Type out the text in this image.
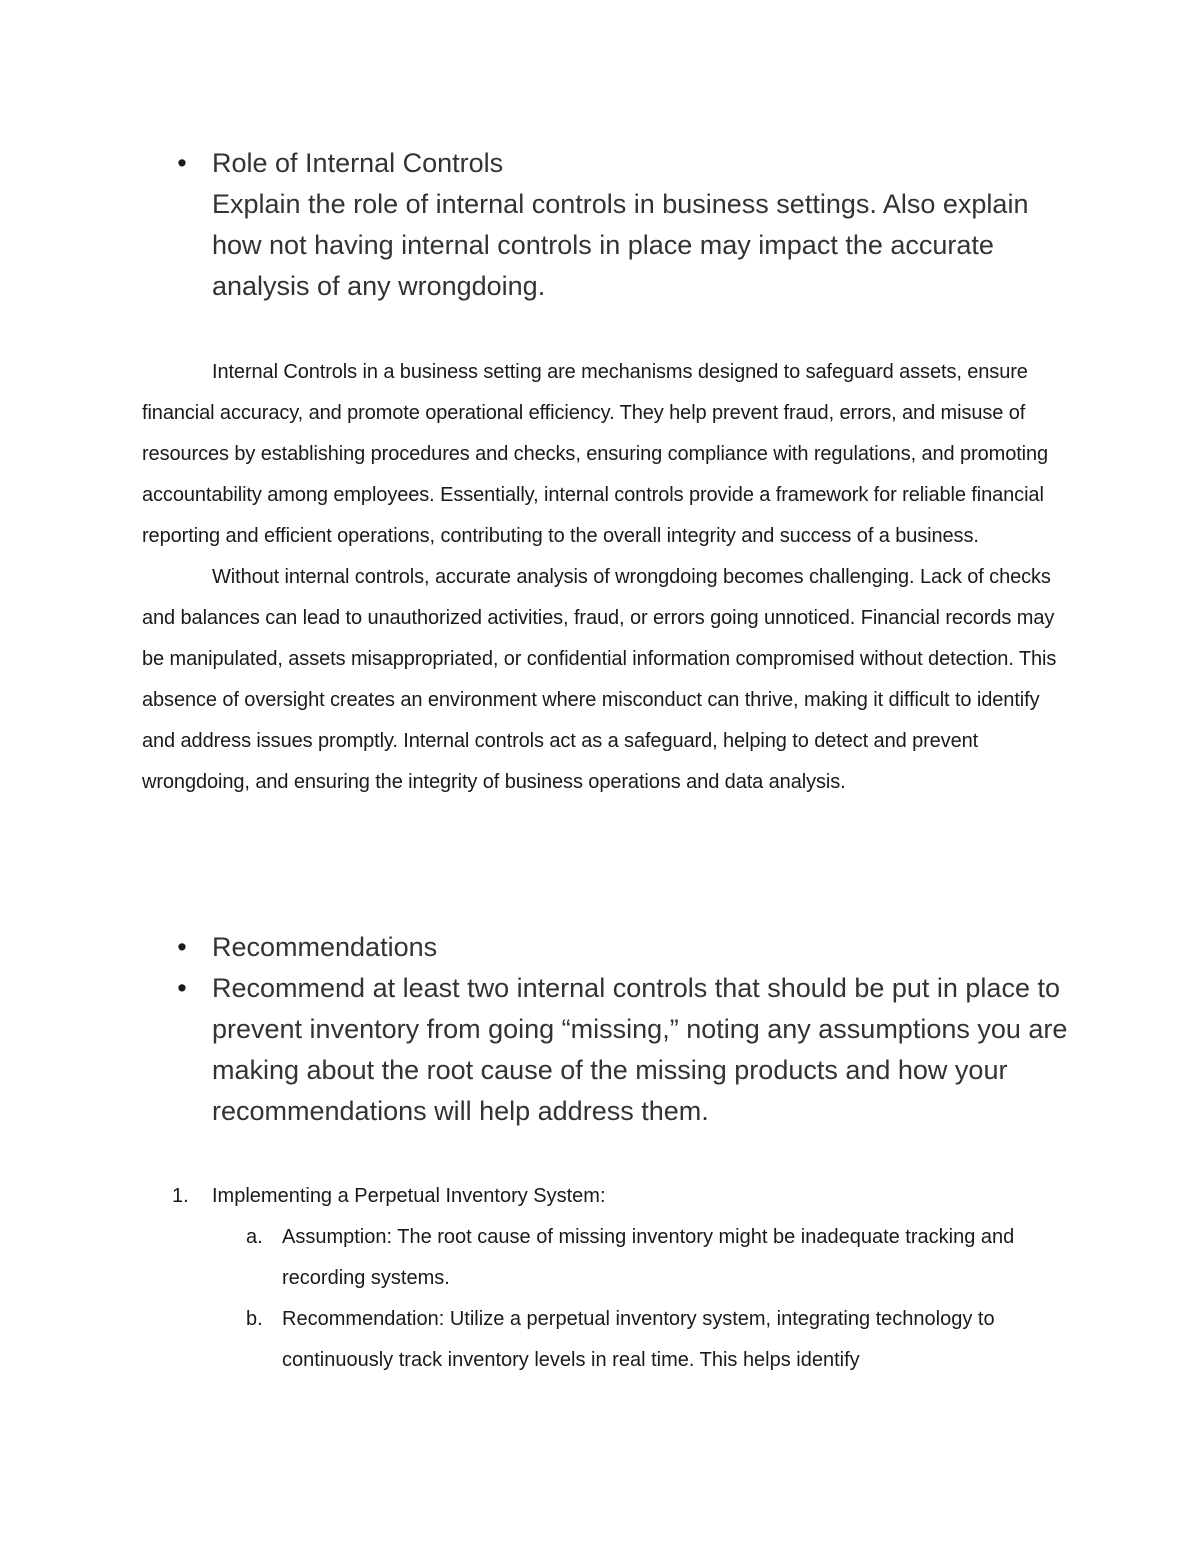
• Role of Internal Controls
Explain the role of internal controls in business settings. Also explain how not having internal controls in place may impact the accurate analysis of any wrongdoing.
Internal Controls in a business setting are mechanisms designed to safeguard assets, ensure financial accuracy, and promote operational efficiency. They help prevent fraud, errors, and misuse of resources by establishing procedures and checks, ensuring compliance with regulations, and promoting accountability among employees. Essentially, internal controls provide a framework for reliable financial reporting and efficient operations, contributing to the overall integrity and success of a business.
Without internal controls, accurate analysis of wrongdoing becomes challenging. Lack of checks and balances can lead to unauthorized activities, fraud, or errors going unnoticed. Financial records may be manipulated, assets misappropriated, or confidential information compromised without detection. This absence of oversight creates an environment where misconduct can thrive, making it difficult to identify and address issues promptly. Internal controls act as a safeguard, helping to detect and prevent wrongdoing, and ensuring the integrity of business operations and data analysis.
• Recommendations
• Recommend at least two internal controls that should be put in place to prevent inventory from going “missing,” noting any assumptions you are making about the root cause of the missing products and how your recommendations will help address them.
1. Implementing a Perpetual Inventory System:
a. Assumption: The root cause of missing inventory might be inadequate tracking and recording systems.
b. Recommendation: Utilize a perpetual inventory system, integrating technology to continuously track inventory levels in real time. This helps identify
